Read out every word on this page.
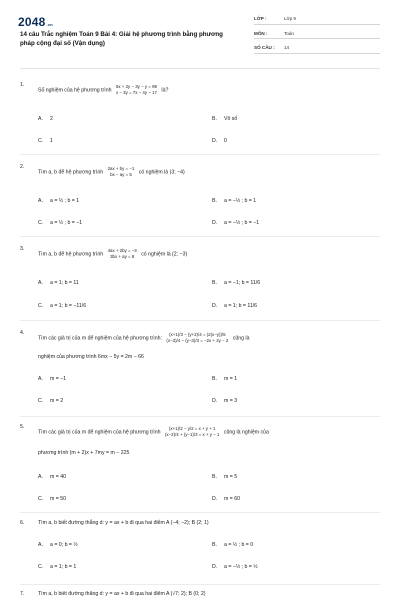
2048.vn
14 câu Trắc nghiệm Toán 9 Bài 4: Giải hệ phương trình bằng phương pháp cộng đại số (Vận dụng)
LỚP :	Lớp 9
MÔN :	Toán
SỐ CÂU : 14
1.
Số nghiệm của hệ phương trình 5x + 2y − 3y − y = 99
x − 3y = 7x − 4y − 17 là?
A. 2	B. Vô số
C. 1	D. 0
2.
Tìm a, b để hệ phương trình 2ax + by = −1
bx − ay = 5 có nghiệm là (3; −4)
A. a = ½ ; b = 1	B. a = −½ ; b = 1
C. a = ½ ; b = −1	D. a = −½ ; b = −1
3.
Tìm a, b để hệ phương trình 4ax + 2by = −3
3bx + ay = 8 có nghiệm là (2; −3)
A. a = 1; b = 11	B. a = −1; b = 11/6
C. a = 1; b = −11/6	D. a = 1; b = 11/6
4.
Tìm các giá trị của m để nghiệm của hệ phương trình: (x+1)/3 − (y+2)/4 = (2(x−y))/5
(x−3)/4 − (y−3)/3 = −2x + 2y − 2 cũng là
nghiệm của phương trình 6mx − 5y = 2m − 66
A. m = −1	B. m = 1
C. m = 2	D. m = 3
5.
Tìm các giá trị của m để nghiệm của hệ phương trình (x+1)/2 − y/2 = x + y + 1
(x−2)/4 + (y−1)/3 = x + y − 1 cũng là nghiệm của
phương trình (m + 2)x + 7my = m − 225
A. m = 40	B. m = 5
C. m = 50	D. m = 60
6.	Tìm a, b biết đường thẳng d: y = ax + b đi qua hai điểm A (−4; −2); B (2; 1)
A. a = 0; b = ½	B. a = ½ ; b = 0
C. a = 1; b = 1	D. a = −½ ; b = ½
7.	Tìm a, b biết đường thẳng d: y = ax + b đi qua hai điểm A (√7; 2); B (0; 2)
